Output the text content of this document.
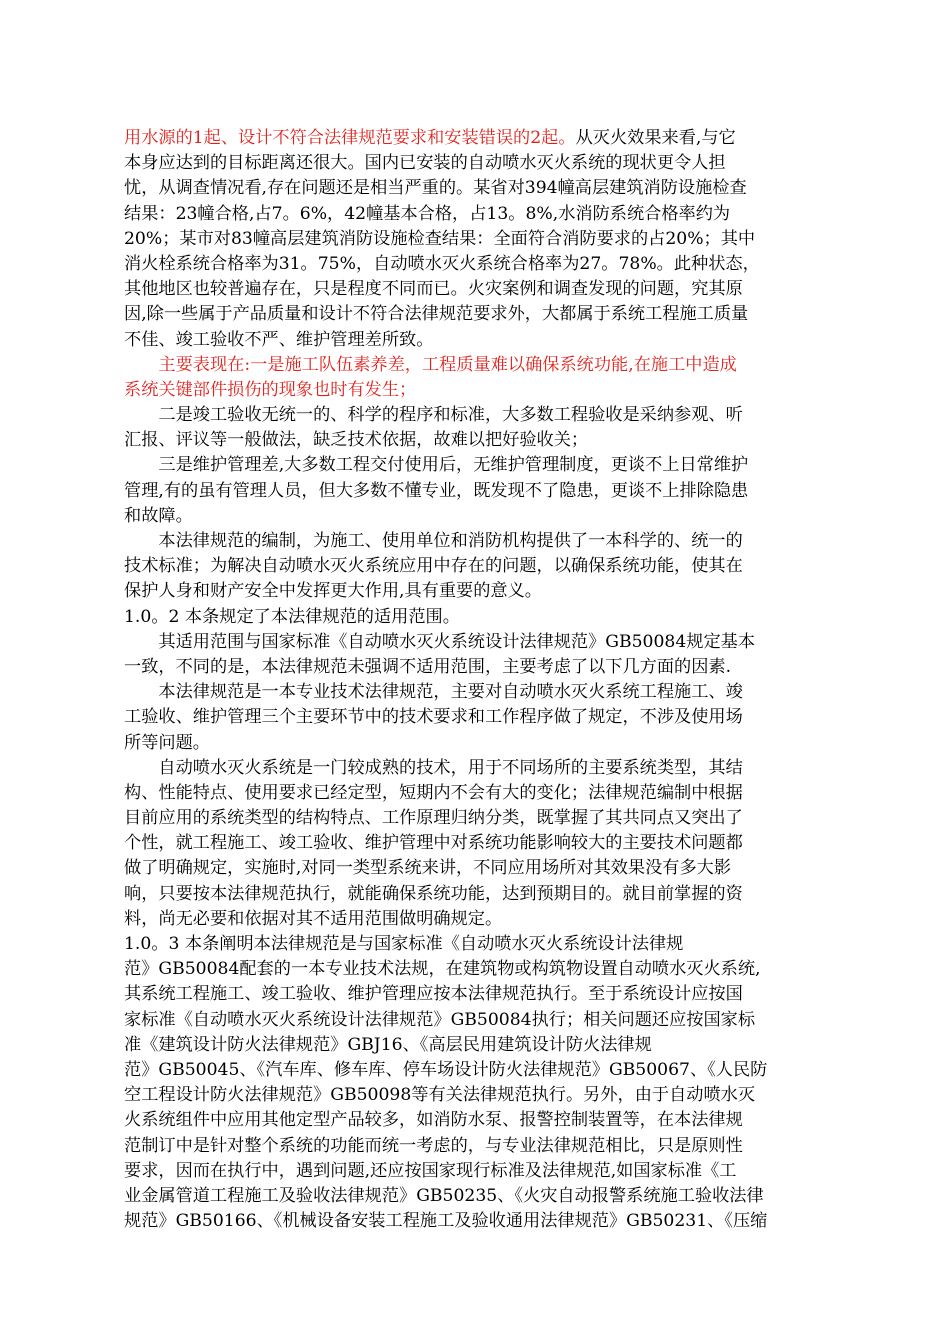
用水源的1起、设计不符合法律规范要求和安装错误的2起。从灭火效果来看,与它
本身应达到的目标距离还很大。国内已安装的自动喷水灭火系统的现状更令人担
忧，从调查情况看,存在问题还是相当严重的。某省对394幢高层建筑消防设施检查
结果：23幢合格,占7。6%，42幢基本合格，占13。8%,水消防系统合格率约为
20%；某市对83幢高层建筑消防设施检查结果：全面符合消防要求的占20%；其中
消火栓系统合格率为31。75%，自动喷水灭火系统合格率为27。78%。此种状态，
其他地区也较普遍存在，只是程度不同而已。火灾案例和调查发现的问题，究其原
因,除一些属于产品质量和设计不符合法律规范要求外，大都属于系统工程施工质量
不佳、竣工验收不严、维护管理差所致。
　　主要表现在:一是施工队伍素养差，工程质量难以确保系统功能,在施工中造成
系统关键部件损伤的现象也时有发生；
　　二是竣工验收无统一的、科学的程序和标准，大多数工程验收是采纳参观、听
汇报、评议等一般做法，缺乏技术依据，故难以把好验收关；
　　三是维护管理差,大多数工程交付使用后，无维护管理制度，更谈不上日常维护
管理,有的虽有管理人员，但大多数不懂专业，既发现不了隐患，更谈不上排除隐患
和故障。
　　本法律规范的编制，为施工、使用单位和消防机构提供了一本科学的、统一的
技术标准；为解决自动喷水灭火系统应用中存在的问题，以确保系统功能，使其在
保护人身和财产安全中发挥更大作用,具有重要的意义。
1.0。2 本条规定了本法律规范的适用范围。
　　其适用范围与国家标准《自动喷水灭火系统设计法律规范》GB50084规定基本
一致，不同的是，本法律规范未强调不适用范围，主要考虑了以下几方面的因素.
　　本法律规范是一本专业技术法律规范，主要对自动喷水灭火系统工程施工、竣
工验收、维护管理三个主要环节中的技术要求和工作程序做了规定，不涉及使用场
所等问题。
　　自动喷水灭火系统是一门较成熟的技术，用于不同场所的主要系统类型，其结
构、性能特点、使用要求已经定型，短期内不会有大的变化；法律规范编制中根据
目前应用的系统类型的结构特点、工作原理归纳分类，既掌握了其共同点又突出了
个性，就工程施工、竣工验收、维护管理中对系统功能影响较大的主要技术问题都
做了明确规定，实施时,对同一类型系统来讲，不同应用场所对其效果没有多大影
响，只要按本法律规范执行，就能确保系统功能，达到预期目的。就目前掌握的资
料，尚无必要和依据对其不适用范围做明确规定。
1.0。3 本条阐明本法律规范是与国家标准《自动喷水灭火系统设计法律规
范》GB50084配套的一本专业技术法规，在建筑物或构筑物设置自动喷水灭火系统,
其系统工程施工、竣工验收、维护管理应按本法律规范执行。至于系统设计应按国
家标准《自动喷水灭火系统设计法律规范》GB50084执行；相关问题还应按国家标
准《建筑设计防火法律规范》GBJ16、《高层民用建筑设计防火法律规
范》GB50045、《汽车库、修车库、停车场设计防火法律规范》GB50067、《人民防
空工程设计防火法律规范》GB50098等有关法律规范执行。另外，由于自动喷水灭
火系统组件中应用其他定型产品较多，如消防水泵、报警控制装置等，在本法律规
范制订中是针对整个系统的功能而统一考虑的，与专业法律规范相比，只是原则性
要求，因而在执行中，遇到问题,还应按国家现行标准及法律规范,如国家标准《工
业金属管道工程施工及验收法律规范》GB50235、《火灾自动报警系统施工验收法律
规范》GB50166、《机械设备安装工程施工及验收通用法律规范》GB50231、《压缩
